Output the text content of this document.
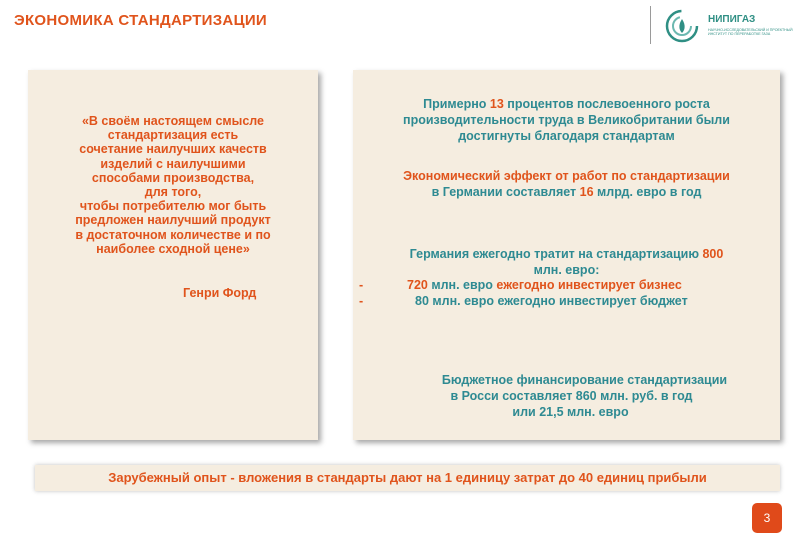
ЭКОНОМИКА СТАНДАРТИЗАЦИИ	НИПИГАЗ
НАУЧНО-ИССЛЕДОВАТЕЛЬСКИЙ И ПРОЕКТНЫЙ ИНСТИТУТ ПО ПЕРЕРАБОТКЕ ГАЗА
«В своём настоящем смысле
стандартизация есть
сочетание наилучших качеств
изделий с наилучшими
способами производства,
для того,
чтобы потребителю мог быть
предложен наилучший продукт
в достаточном количестве и по
наиболее сходной цене»
Генри Форд
Примерно 13 процентов послевоенного роста
производительности труда в Великобритании были
достигнуты благодаря стандартам
Экономический эффект от работ по стандартизации
в Германии составляет 16 млрд. евро в год
Германия ежегодно тратит на стандартизацию 800
млн. евро:
-	720 млн. евро ежегодно инвестирует бизнес
-	80 млн. евро ежегодно инвестирует бюджет
Бюджетное финансирование стандартизации
в Росси составляет 860 млн. руб. в год
или 21,5 млн. евро
Зарубежный опыт - вложения в стандарты дают на 1 единицу затрат до 40 единиц прибыли
3
